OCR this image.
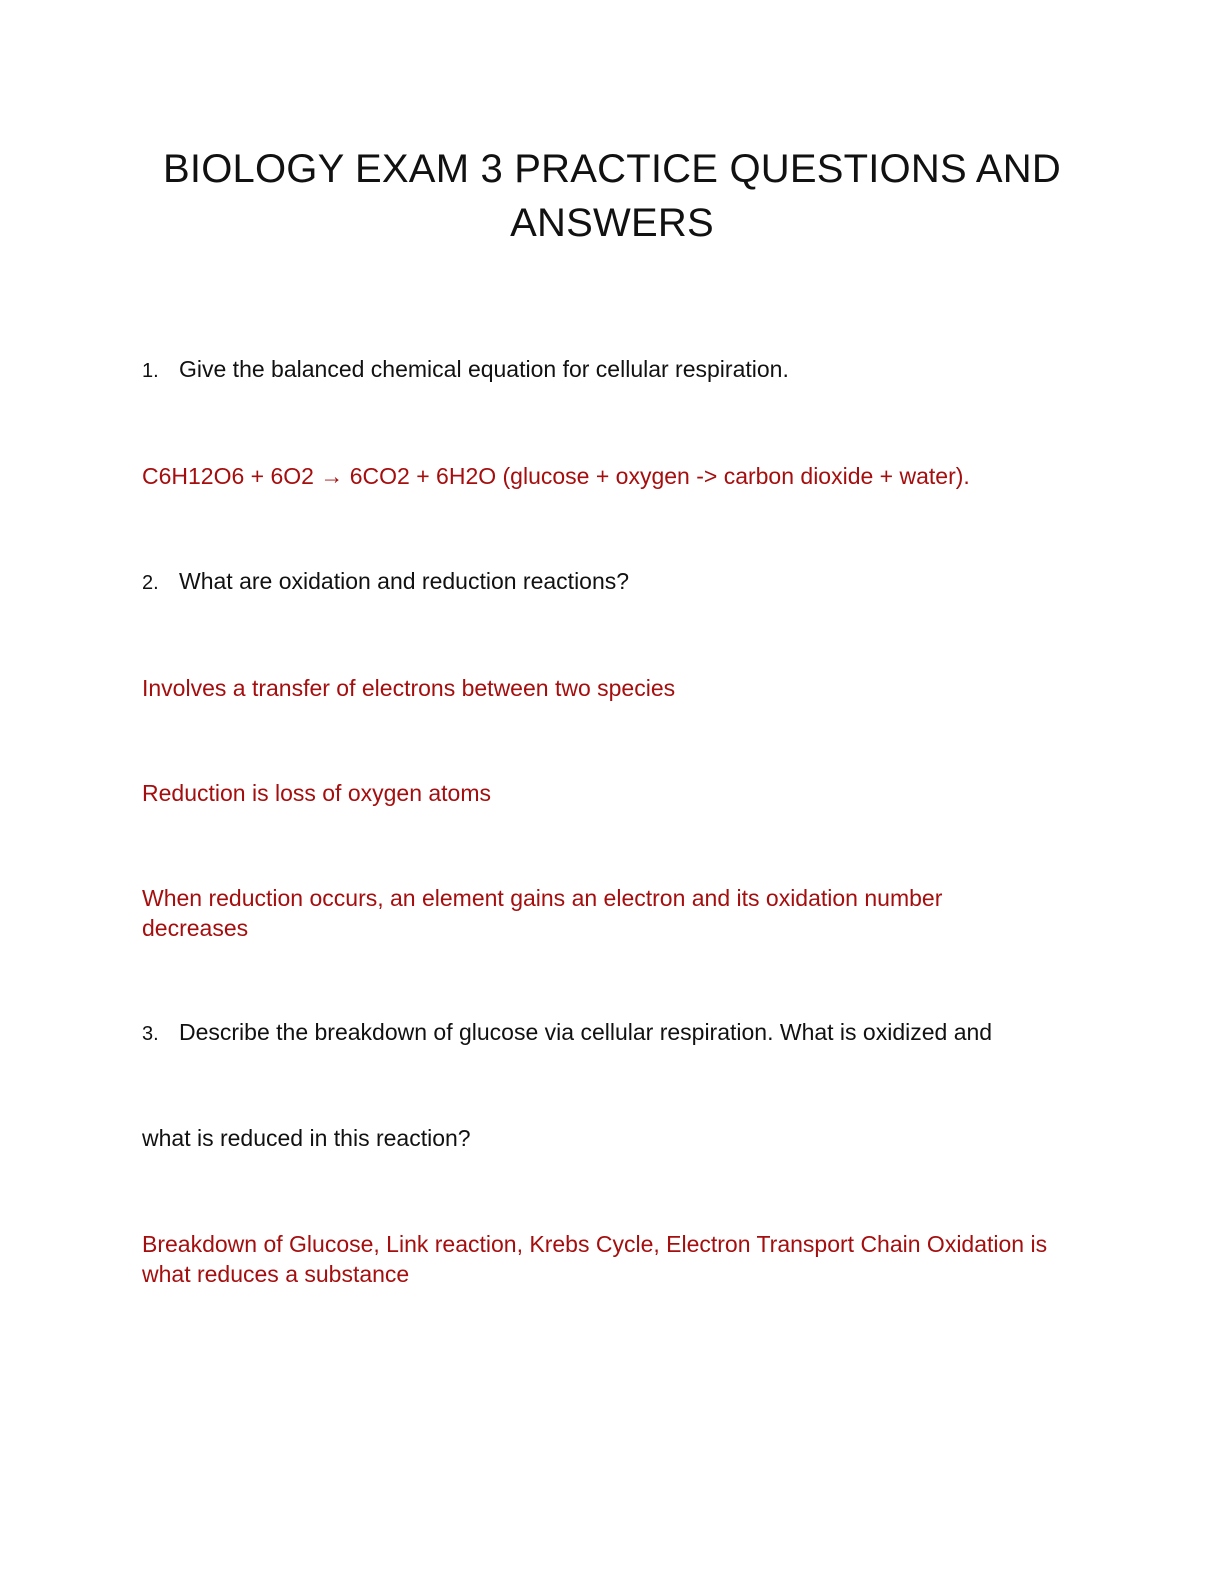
BIOLOGY EXAM 3 PRACTICE QUESTIONS AND ANSWERS
1. Give the balanced chemical equation for cellular respiration.
C6H12O6 + 6O2 → 6CO2 + 6H2O (glucose + oxygen -> carbon dioxide + water).
2. What are oxidation and reduction reactions?
Involves a transfer of electrons between two species
Reduction is loss of oxygen atoms
When reduction occurs, an element gains an electron and its oxidation number decreases
3. Describe the breakdown of glucose via cellular respiration. What is oxidized and
what is reduced in this reaction?
Breakdown of Glucose, Link reaction, Krebs Cycle, Electron Transport Chain Oxidation is what reduces a substance
